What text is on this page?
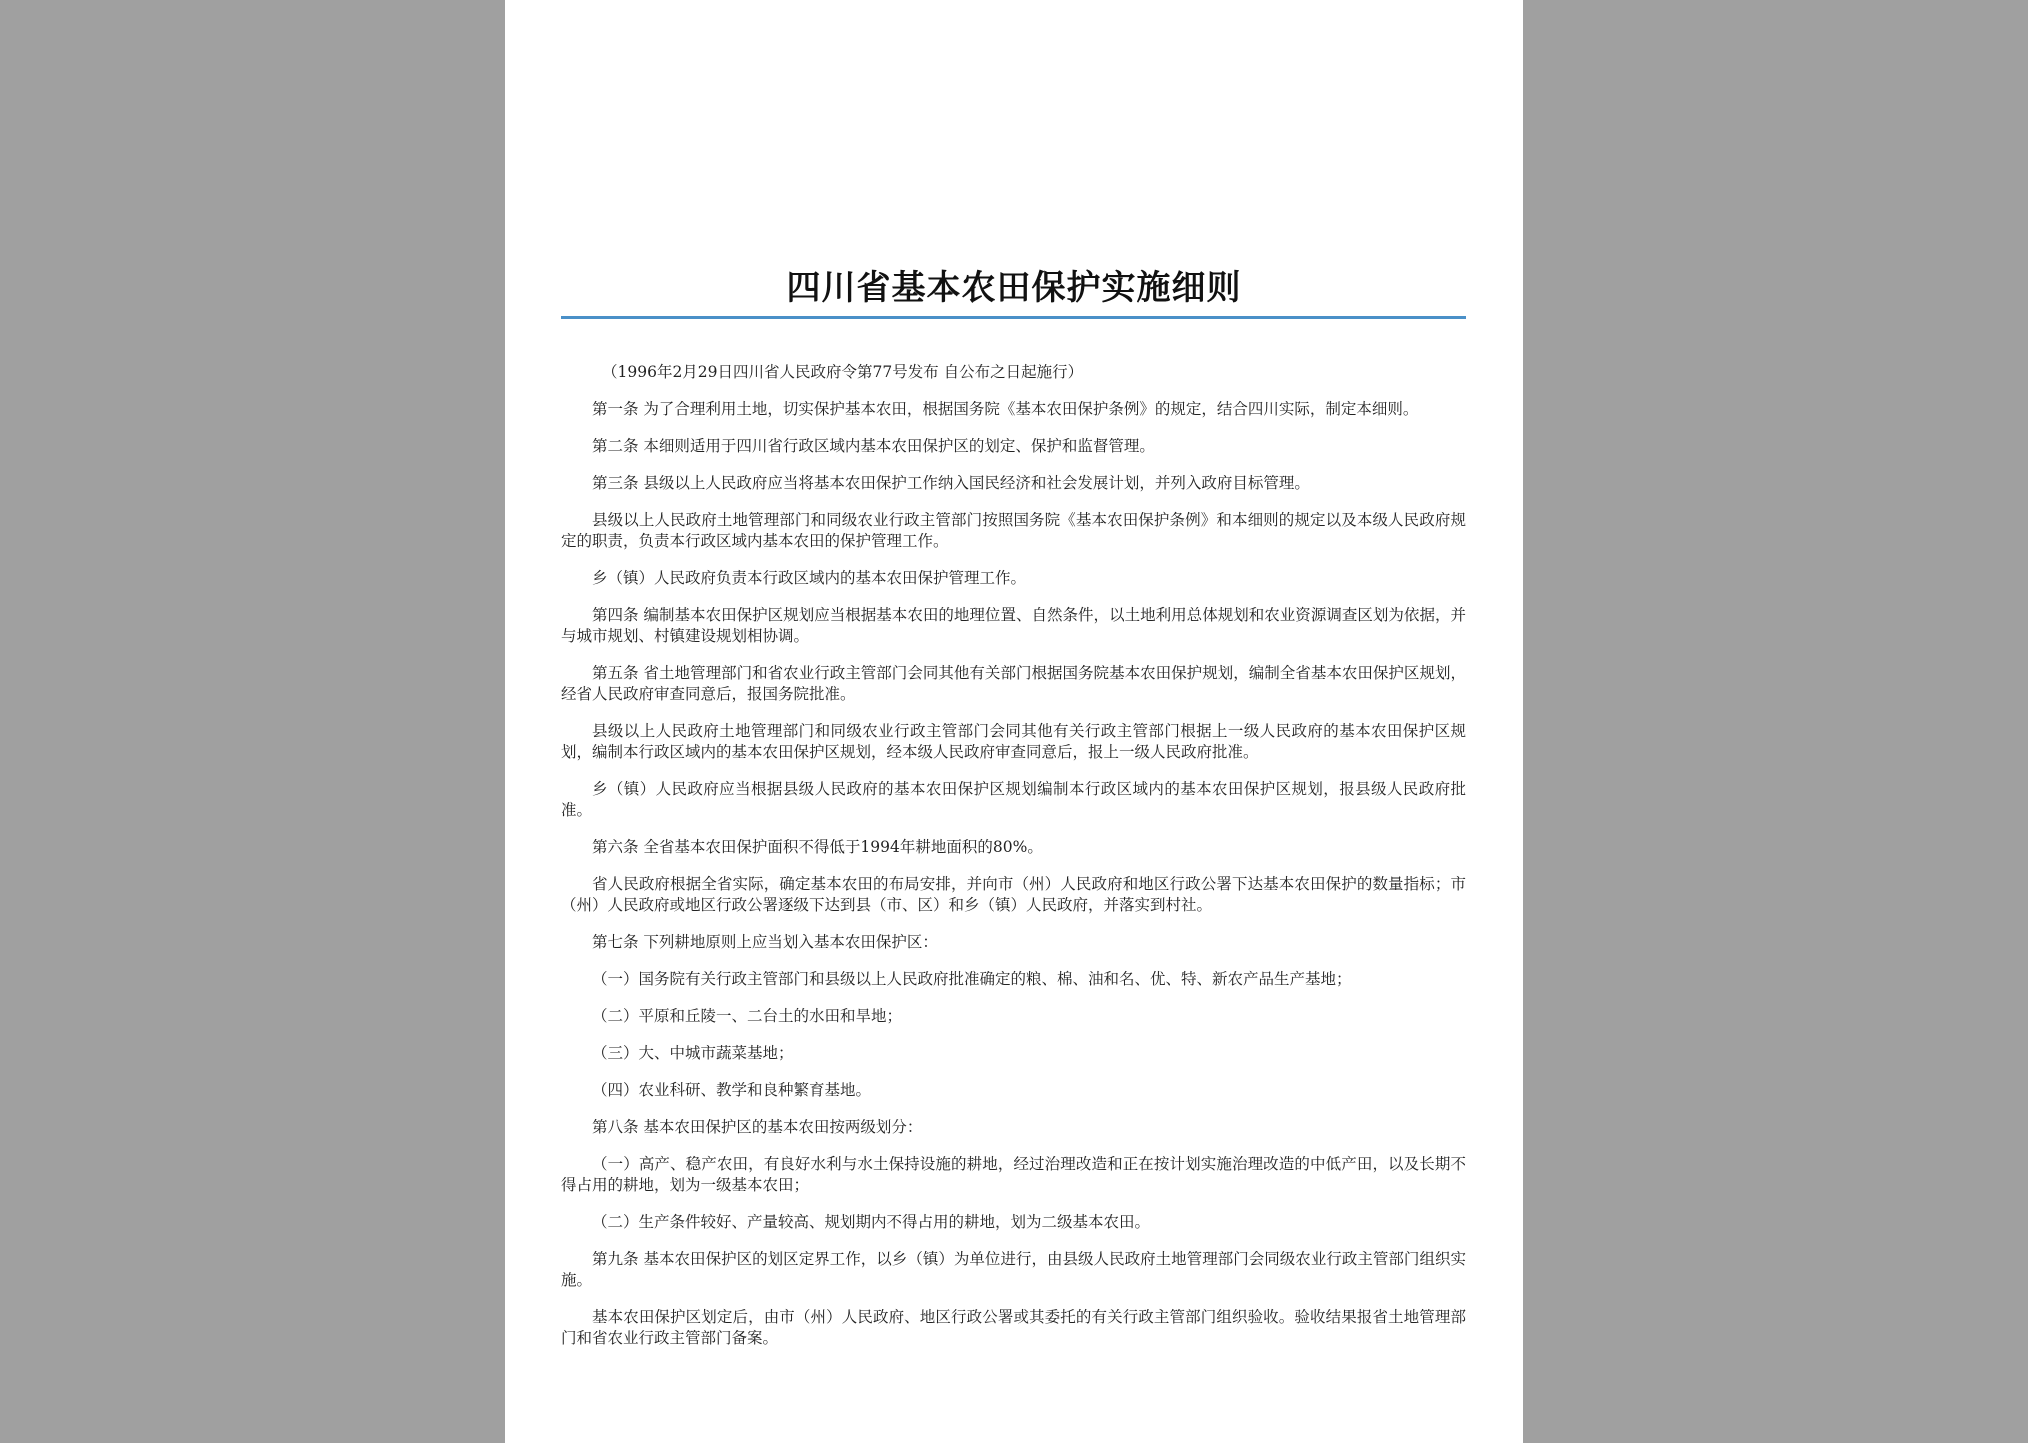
四川省基本农田保护实施细则

（1996年2月29日四川省人民政府令第77号发布 自公布之日起施行）

第一条 为了合理利用土地，切实保护基本农田，根据国务院《基本农田保护条例》的规定，结合四川实际，制定本细则。

第二条 本细则适用于四川省行政区域内基本农田保护区的划定、保护和监督管理。

第三条 县级以上人民政府应当将基本农田保护工作纳入国民经济和社会发展计划，并列入政府目标管理。

县级以上人民政府土地管理部门和同级农业行政主管部门按照国务院《基本农田保护条例》和本细则的规定以及本级人民政府规定的职责，负责本行政区域内基本农田的保护管理工作。

乡（镇）人民政府负责本行政区域内的基本农田保护管理工作。

第四条 编制基本农田保护区规划应当根据基本农田的地理位置、自然条件，以土地利用总体规划和农业资源调查区划为依据，并与城市规划、村镇建设规划相协调。

第五条 省土地管理部门和省农业行政主管部门会同其他有关部门根据国务院基本农田保护规划，编制全省基本农田保护区规划，经省人民政府审查同意后，报国务院批准。

县级以上人民政府土地管理部门和同级农业行政主管部门会同其他有关行政主管部门根据上一级人民政府的基本农田保护区规划，编制本行政区域内的基本农田保护区规划，经本级人民政府审查同意后，报上一级人民政府批准。

乡（镇）人民政府应当根据县级人民政府的基本农田保护区规划编制本行政区域内的基本农田保护区规划，报县级人民政府批准。

第六条 全省基本农田保护面积不得低于1994年耕地面积的80%。

省人民政府根据全省实际，确定基本农田的布局安排，并向市（州）人民政府和地区行政公署下达基本农田保护的数量指标；市（州）人民政府或地区行政公署逐级下达到县（市、区）和乡（镇）人民政府，并落实到村社。

第七条 下列耕地原则上应当划入基本农田保护区：

（一）国务院有关行政主管部门和县级以上人民政府批准确定的粮、棉、油和名、优、特、新农产品生产基地；

（二）平原和丘陵一、二台土的水田和旱地；

（三）大、中城市蔬菜基地；

（四）农业科研、教学和良种繁育基地。

第八条 基本农田保护区的基本农田按两级划分：

（一）高产、稳产农田，有良好水利与水土保持设施的耕地，经过治理改造和正在按计划实施治理改造的中低产田，以及长期不得占用的耕地，划为一级基本农田；

（二）生产条件较好、产量较高、规划期内不得占用的耕地，划为二级基本农田。

第九条 基本农田保护区的划区定界工作，以乡（镇）为单位进行，由县级人民政府土地管理部门会同级农业行政主管部门组织实施。

基本农田保护区划定后，由市（州）人民政府、地区行政公署或其委托的有关行政主管部门组织验收。验收结果报省土地管理部门和省农业行政主管部门备案。
